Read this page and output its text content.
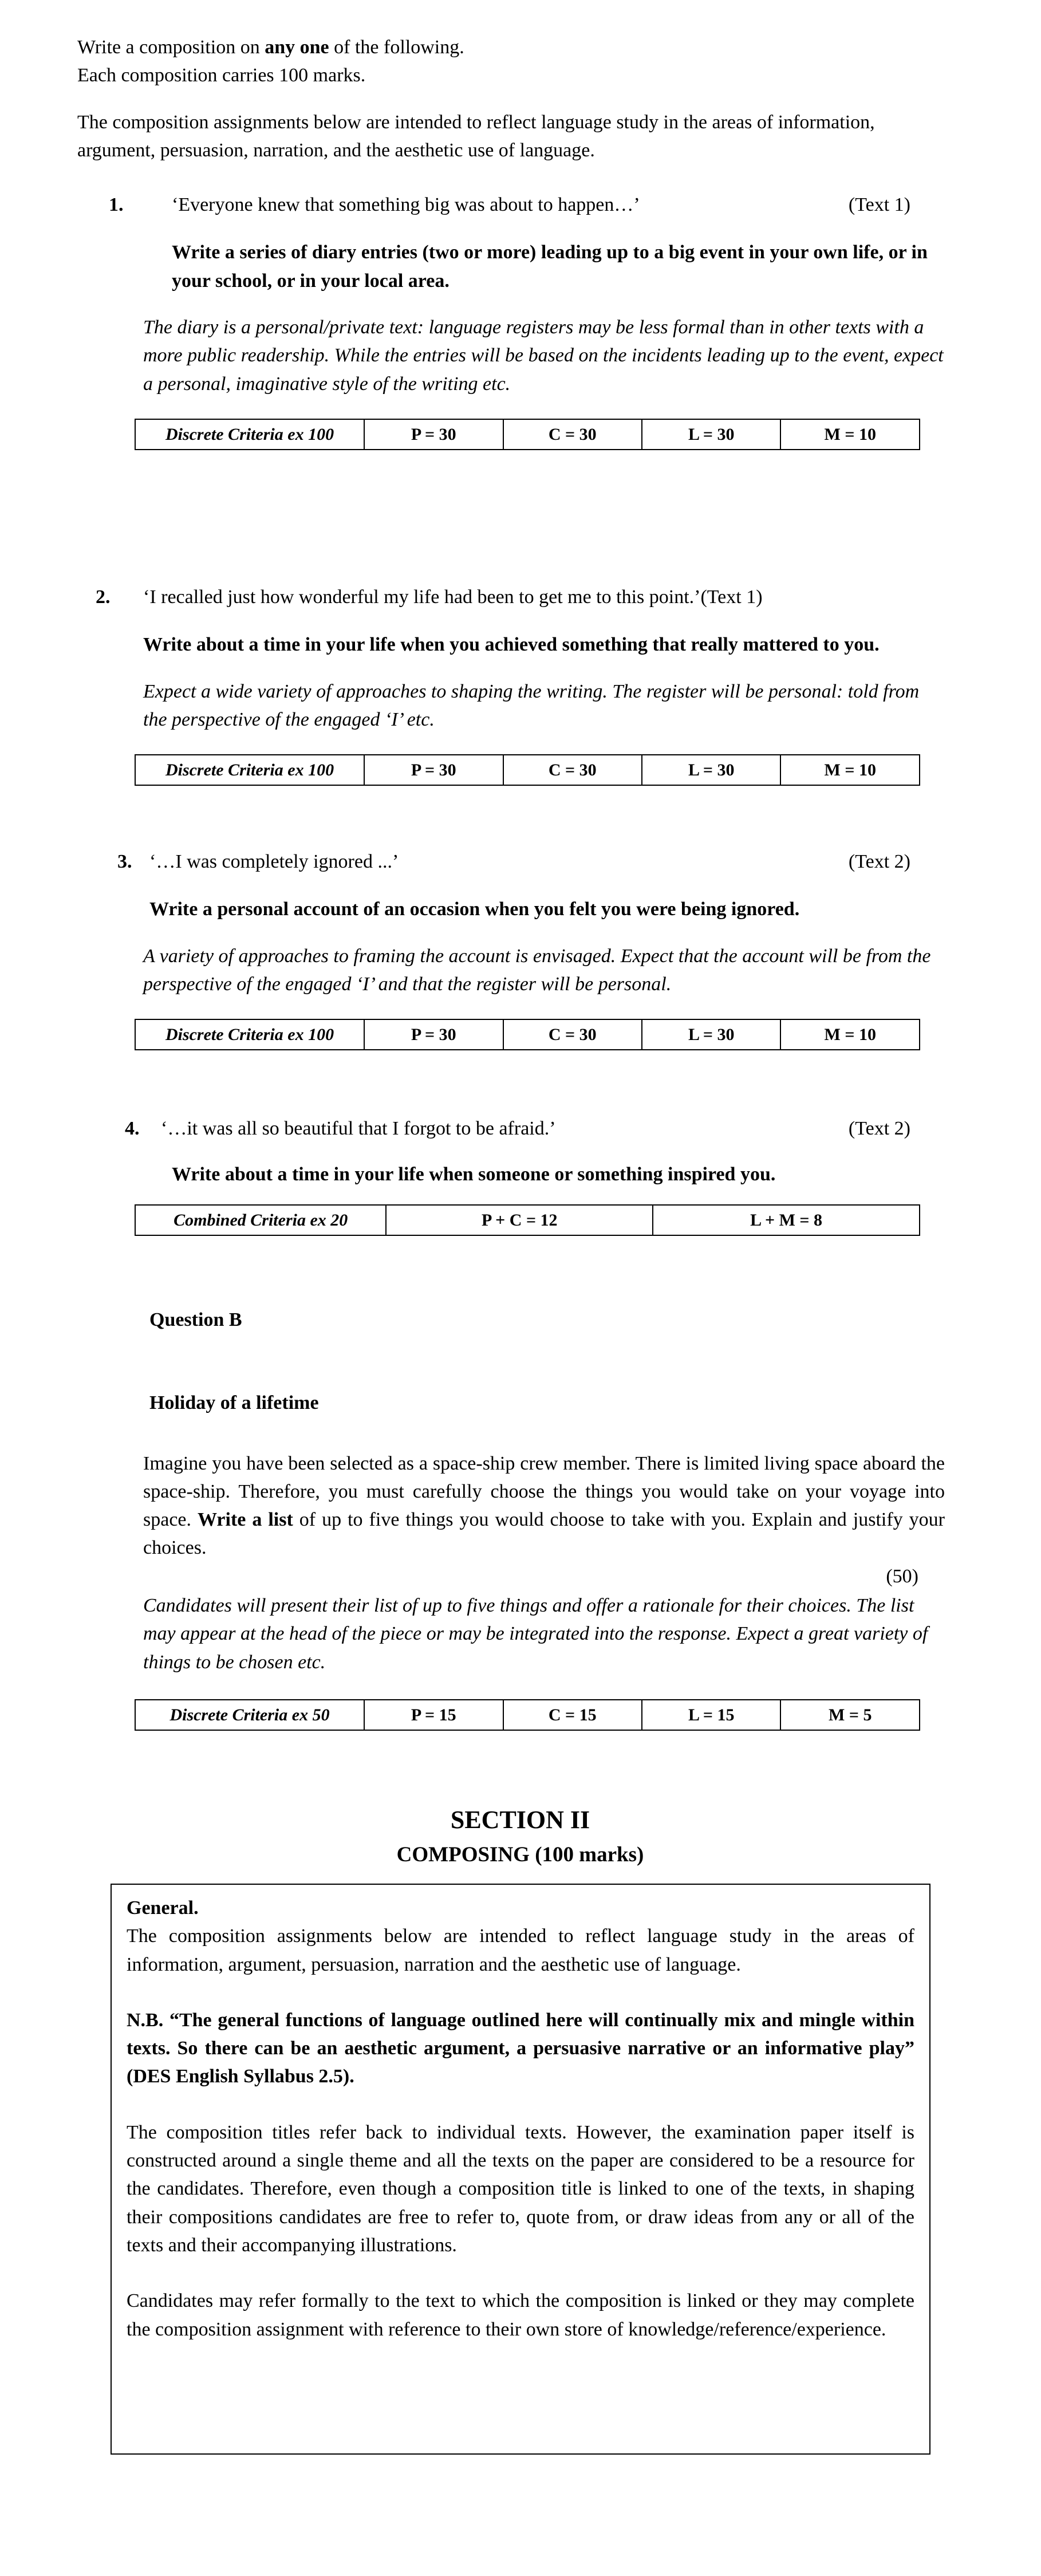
Write a composition on any one of the following.

Each composition carries 100 marks.

The composition assignments below are intended to reflect language study in the areas of information, argument, persuasion, narration, and the aesthetic use of language.

1.	‘Everyone knew that something big was about to happen…’	(Text 1)

Write a series of diary entries (two or more) leading up to a big event in your own life, or in your school, or in your local area.

The diary is a personal/private text: language registers may be less formal than in other texts with a more public readership. While the entries will be based on the incidents leading up to the event, expect a personal, imaginative style of the writing etc.

Discrete Criteria ex 100	P = 30	C = 30	L = 30	M = 10
2.	‘I recalled just how wonderful my life had been to get me to this point.’ (Text 1)

Write about a time in your life when you achieved something that really mattered to you.

Expect a wide variety of approaches to shaping the writing. The register will be personal: told from the perspective of the engaged ‘I’ etc.

Discrete Criteria ex 100	P = 30	C = 30	L = 30	M = 10
3. ‘…I was completely ignored ...’	(Text 2)

Write a personal account of an occasion when you felt you were being ignored.

A variety of approaches to framing the account is envisaged. Expect that the account will be from the perspective of the engaged ‘I’ and that the register will be personal.

Discrete Criteria ex 100	P = 30	C = 30	L = 30	M = 10
4.	‘…it was all so beautiful that I forgot to be afraid.’	(Text 2)

Write about a time in your life when someone or something inspired you.

Combined Criteria ex 20	P + C = 12	L + M = 8

Question B

Holiday of a lifetime

Imagine you have been selected as a space-ship crew member. There is limited living space aboard the space-ship. Therefore, you must carefully choose the things you would take on your voyage into space. Write a list of up to five things you would choose to take with you. Explain and justify your choices.

(50)

Candidates will present their list of up to five things and offer a rationale for their choices. The list may appear at the head of the piece or may be integrated into the response. Expect a great variety of things to be chosen etc.

Discrete Criteria ex 50	P = 15	C = 15	L = 15	M = 5
SECTION II
COMPOSING (100 marks)

General.

The composition assignments below are intended to reflect language study in the areas of information, argument, persuasion, narration and the aesthetic use of language.

N.B. “The general functions of language outlined here will continually mix and mingle within texts. So there can be an aesthetic argument, a persuasive narrative or an informative play” (DES English Syllabus 2.5).

The composition titles refer back to individual texts. However, the examination paper itself is constructed around a single theme and all the texts on the paper are considered to be a resource for the candidates. Therefore, even though a composition title is linked to one of the texts, in shaping their compositions candidates are free to refer to, quote from, or draw ideas from any or all of the texts and their accompanying illustrations.

Candidates may refer formally to the text to which the composition is linked or they may complete the composition assignment with reference to their own store of knowledge/reference/experience.
